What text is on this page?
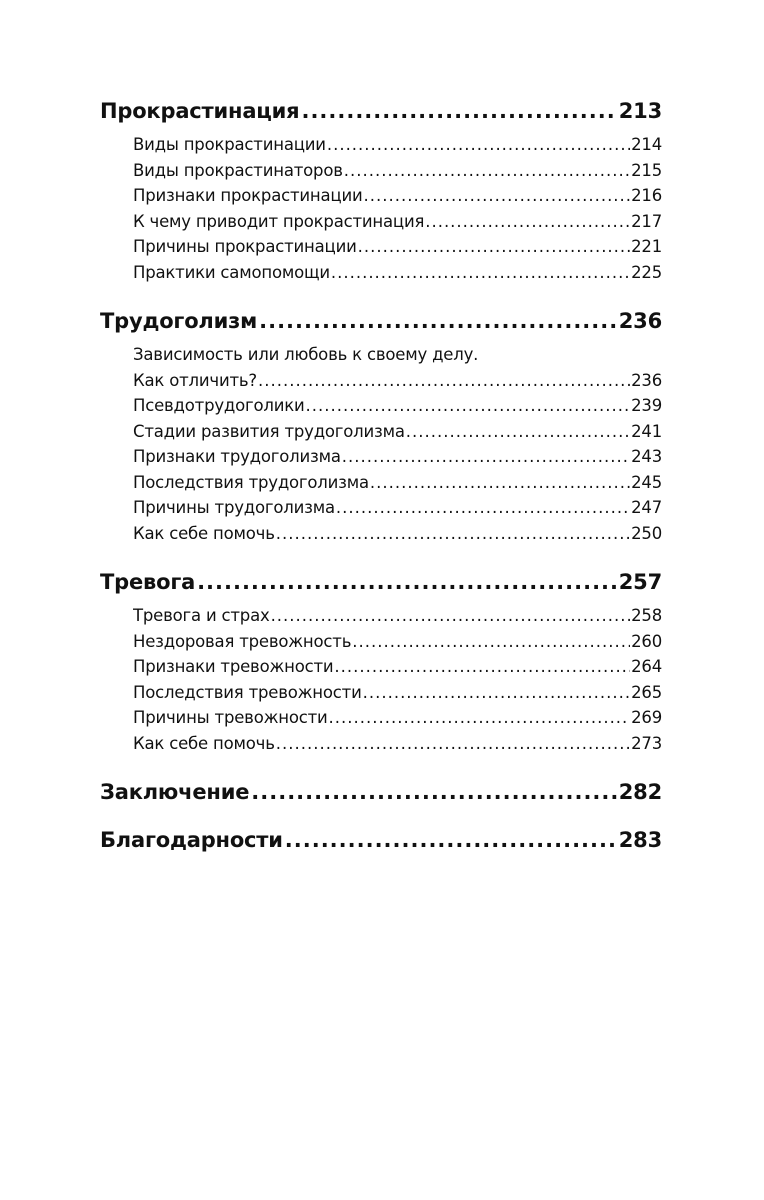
Прокрастинация .....	213
Виды прокрастинации .....	214
Виды прокрастинаторов .....	215
Признаки прокрастинации .....	216
К чему приводит прокрастинация .....	217
Причины прокрастинации .....	221
Практики самопомощи .....	225
Трудоголизм .....	236
Зависимость или любовь к своему делу.
Как отличить? .....	236
Псевдотрудоголики .....	239
Стадии развития трудоголизма .....	241
Признаки трудоголизма .....	243
Последствия трудоголизма .....	245
Причины трудоголизма .....	247
Как себе помочь .....	250
Тревога .....	257
Тревога и страх .....	258
Нездоровая тревожность .....	260
Признаки тревожности .....	264
Последствия тревожности .....	265
Причины тревожности .....	269
Как себе помочь .....	273
Заключение .....	282
Благодарности .....	283
